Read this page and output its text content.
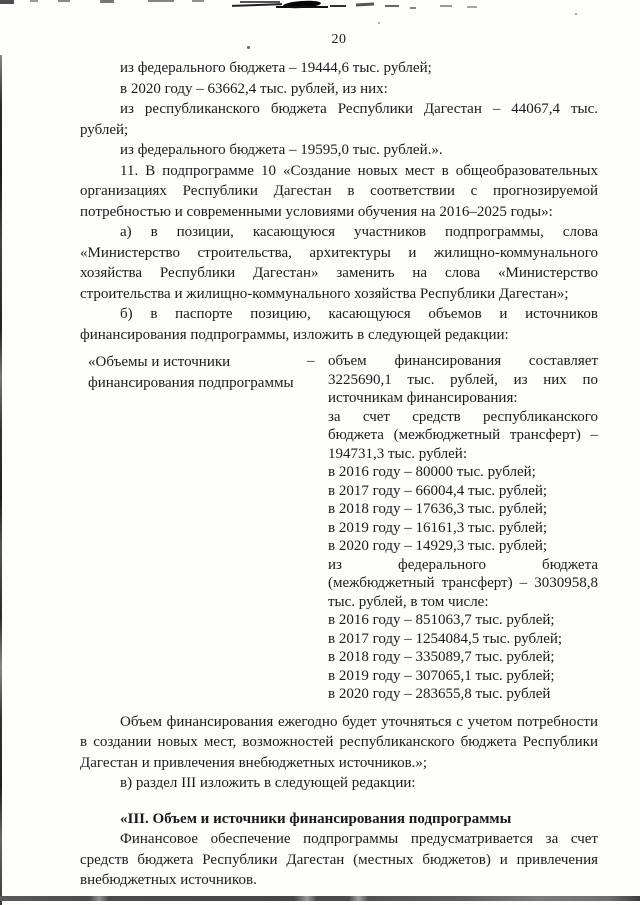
20

из федерального бюджета – 19444,6 тыс. рублей;

в 2020 году – 63662,4 тыс. рублей, из них:

из республиканского бюджета Республики Дагестан – 44067,4 тыс. рублей;

из федерального бюджета – 19595,0 тыс. рублей.».

11. В подпрограмме 10 «Создание новых мест в общеобразовательных организациях Республики Дагестан в соответствии с прогнозируемой потребностью и современными условиями обучения на 2016–2025 годы»:

а) в позиции, касающуюся участников подпрограммы, слова «Министерство строительства, архитектуры и жилищно-коммунального хозяйства Республики Дагестан» заменить на слова «Министерство строительства и жилищно-коммунального хозяйства Республики Дагестан»;

б) в паспорте позицию, касающуюся объемов и источников финансирования подпрограммы, изложить в следующей редакции:

«Объемы и источники финансирования подпрограммы
– объем финансирования составляет 3225690,1 тыс. рублей, из них по источникам финансирования:

за счет средств республиканского бюджета (межбюджетный трансферт) – 194731,3 тыс. рублей:

в 2016 году – 80000 тыс. рублей;

в 2017 году – 66004,4 тыс. рублей;

в 2018 году – 17636,3 тыс. рублей;

в 2019 году – 16161,3 тыс. рублей;

в 2020 году – 14929,3 тыс. рублей;

из федерального бюджета (межбюджетный трансферт) – 3030958,8 тыс. рублей, в том числе:

в 2016 году – 851063,7 тыс. рублей;

в 2017 году – 1254084,5 тыс. рублей;

в 2018 году – 335089,7 тыс. рублей;

в 2019 году – 307065,1 тыс. рублей;

в 2020 году – 283655,8 тыс. рублей

Объем финансирования ежегодно будет уточняться с учетом потребности в создании новых мест, возможностей республиканского бюджета Республики Дагестан и привлечения внебюджетных источников.»;

в) раздел III изложить в следующей редакции:

«III. Объем и источники финансирования подпрограммы

Финансовое обеспечение подпрограммы предусматривается за счет средств бюджета Республики Дагестан (местных бюджетов) и привлечения внебюджетных источников.
